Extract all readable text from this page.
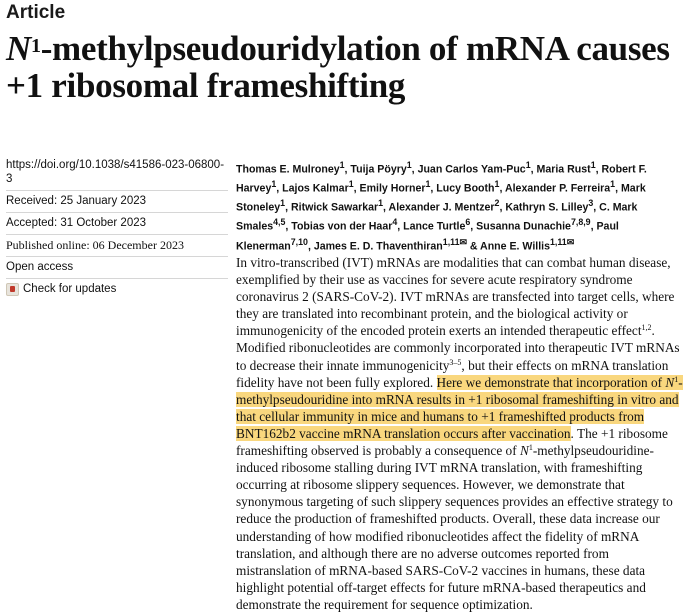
Article
$N^1$-methylpseudouridylation of mRNA causes +1 ribosomal frameshifting
https://doi.org/10.1038/s41586-023-06800-3
Received: 25 January 2023
Accepted: 31 October 2023
Published online: 06 December 2023
Open access
Check for updates
Thomas E. Mulroney$^1$, Tuija Pöyry$^1$, Juan Carlos Yam-Puc$^1$, Maria Rust$^1$, Robert F. Harvey$^1$, Lajos Kalmar$^1$, Emily Horner$^1$, Lucy Booth$^1$, Alexander P. Ferreira$^1$, Mark Stoneley$^1$, Ritwick Sawarkar$^1$, Alexander J. Mentzer$^2$, Kathryn S. Lilley$^3$, C. Mark Smales$^{4,5}$, Tobias von der Haar$^4$, Lance Turtle$^6$, Susanna Dunachie$^{7,8,9}$, Paul Klenerman$^{7,10}$, James E. D. Thaventhiran$^{1,11✉}$ & Anne E. Willis$^{1,11✉}$
In vitro-transcribed (IVT) mRNAs are modalities that can combat human disease, exemplified by their use as vaccines for severe acute respiratory syndrome coronavirus 2 (SARS-CoV-2). IVT mRNAs are transfected into target cells, where they are translated into recombinant protein, and the biological activity or immunogenicity of the encoded protein exerts an intended therapeutic effect$^{1,2}$. Modified ribonucleotides are commonly incorporated into therapeutic IVT mRNAs to decrease their innate immunogenicity$^{3-5}$, but their effects on mRNA translation fidelity have not been fully explored. Here we demonstrate that incorporation of $N^1$-methylpseudouridine into mRNA results in +1 ribosomal frameshifting in vitro and that cellular immunity in mice and humans to +1 frameshifted products from BNT162b2 vaccine mRNA translation occurs after vaccination. The +1 ribosome frameshifting observed is probably a consequence of $N^1-methylpseudouridine$-induced ribosome stalling during IVT mRNA translation, with frameshifting occurring at ribosome slippery sequences. However, we demonstrate that synonymous targeting of such slippery sequences provides an effective strategy to reduce the production of frameshifted products. Overall, these data increase our understanding of how modified ribonucleotides affect the fidelity of mRNA translation, and although there are no adverse outcomes reported from mistranslation of mRNA-based SARS-CoV-2 vaccines in humans, these data highlight potential off-target effects for future mRNA-based therapeutics and demonstrate the requirement for sequence optimization.
